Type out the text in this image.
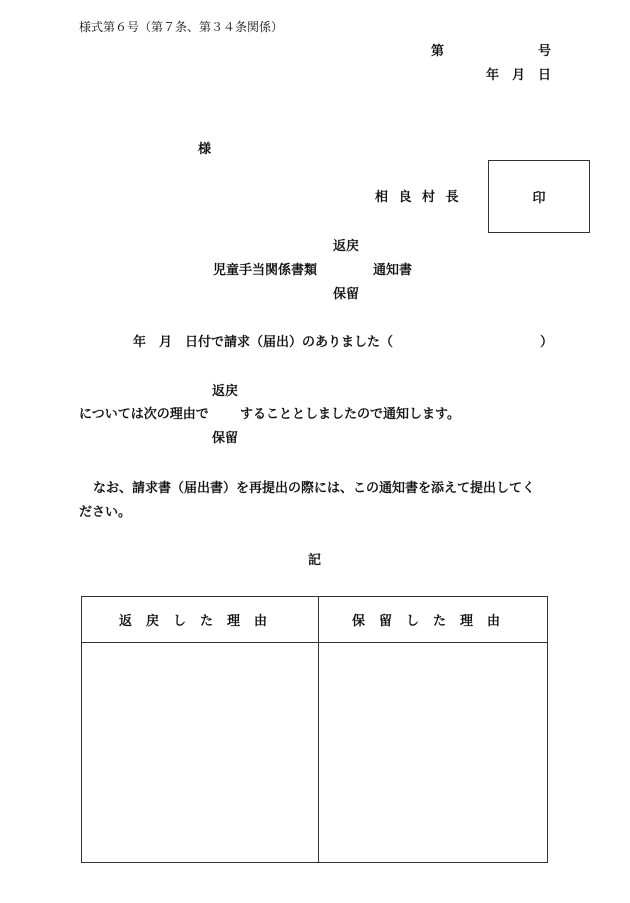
様式第６号（第７条、第３４条関係）
第	号
年 月 日
様
相 良 村 長	印
返戻
児童手当関係書類	通知書
保留
年 月 日付で請求（届出）のありました（	）
返戻
については次の理由で することとしましたので通知します。
保留
なお、請求書（届出書）を再提出の際には、この通知書を添えて提出してく
ださい。
記
返戻した理由	保留した理由
